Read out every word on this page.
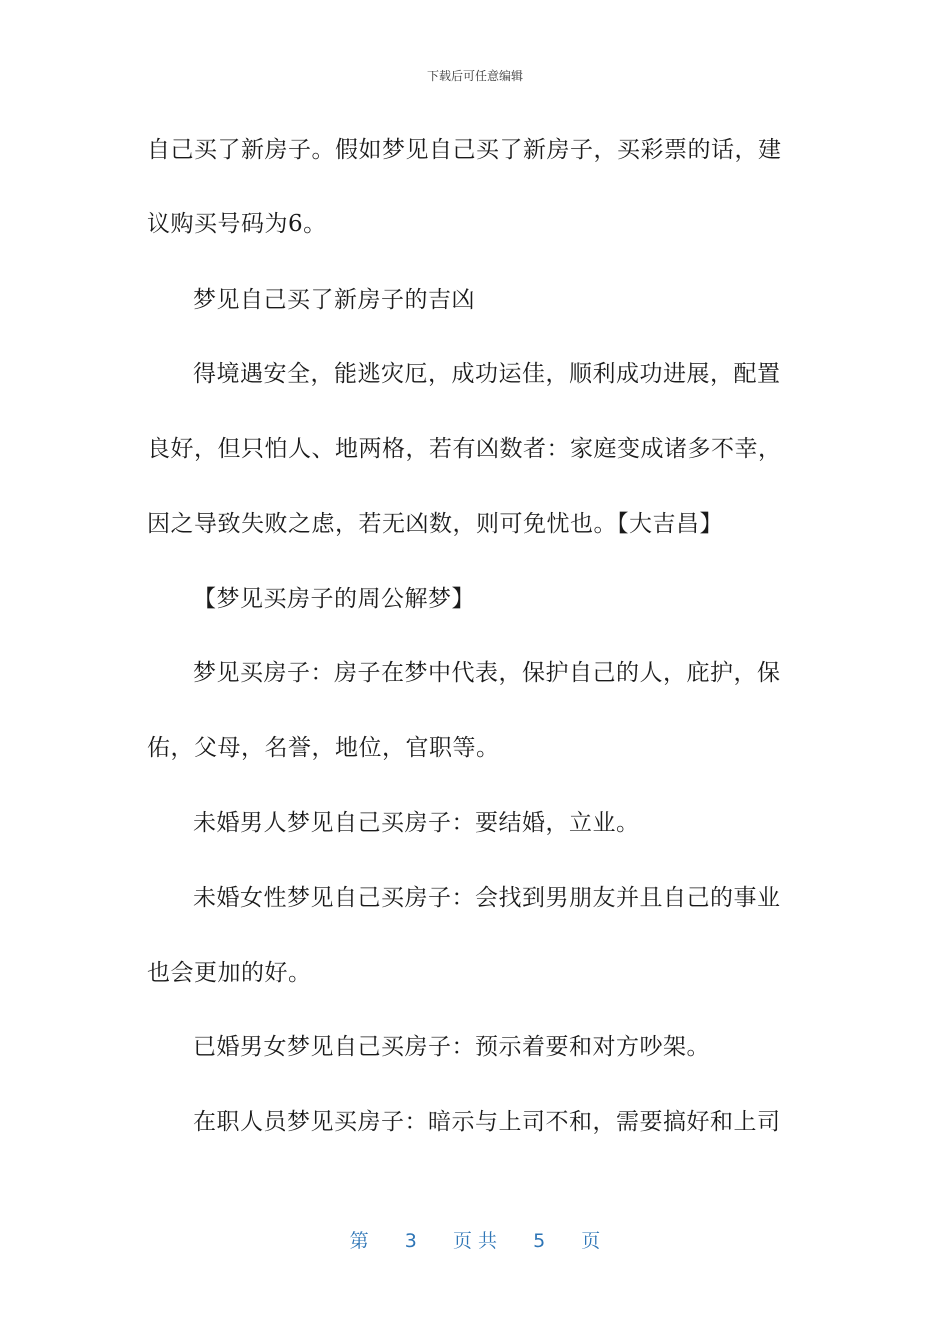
下载后可任意编辑
自己买了新房子。假如梦见自己买了新房子，买彩票的话，建
议购买号码为6。
梦见自己买了新房子的吉凶
得境遇安全，能逃灾厄，成功运佳，顺利成功进展，配置
良好，但只怕人、地两格，若有凶数者：家庭变成诸多不幸，
因之导致失败之虑，若无凶数，则可免忧也。【大吉昌】
【梦见买房子的周公解梦】
梦见买房子：房子在梦中代表，保护自己的人，庇护，保
佑，父母，名誉，地位，官职等。
未婚男人梦见自己买房子：要结婚，立业。
未婚女性梦见自己买房子：会找到男朋友并且自己的事业
也会更加的好。
已婚男女梦见自己买房子：预示着要和对方吵架。
在职人员梦见买房子：暗示与上司不和，需要搞好和上司
第 3 页 共 5 页
